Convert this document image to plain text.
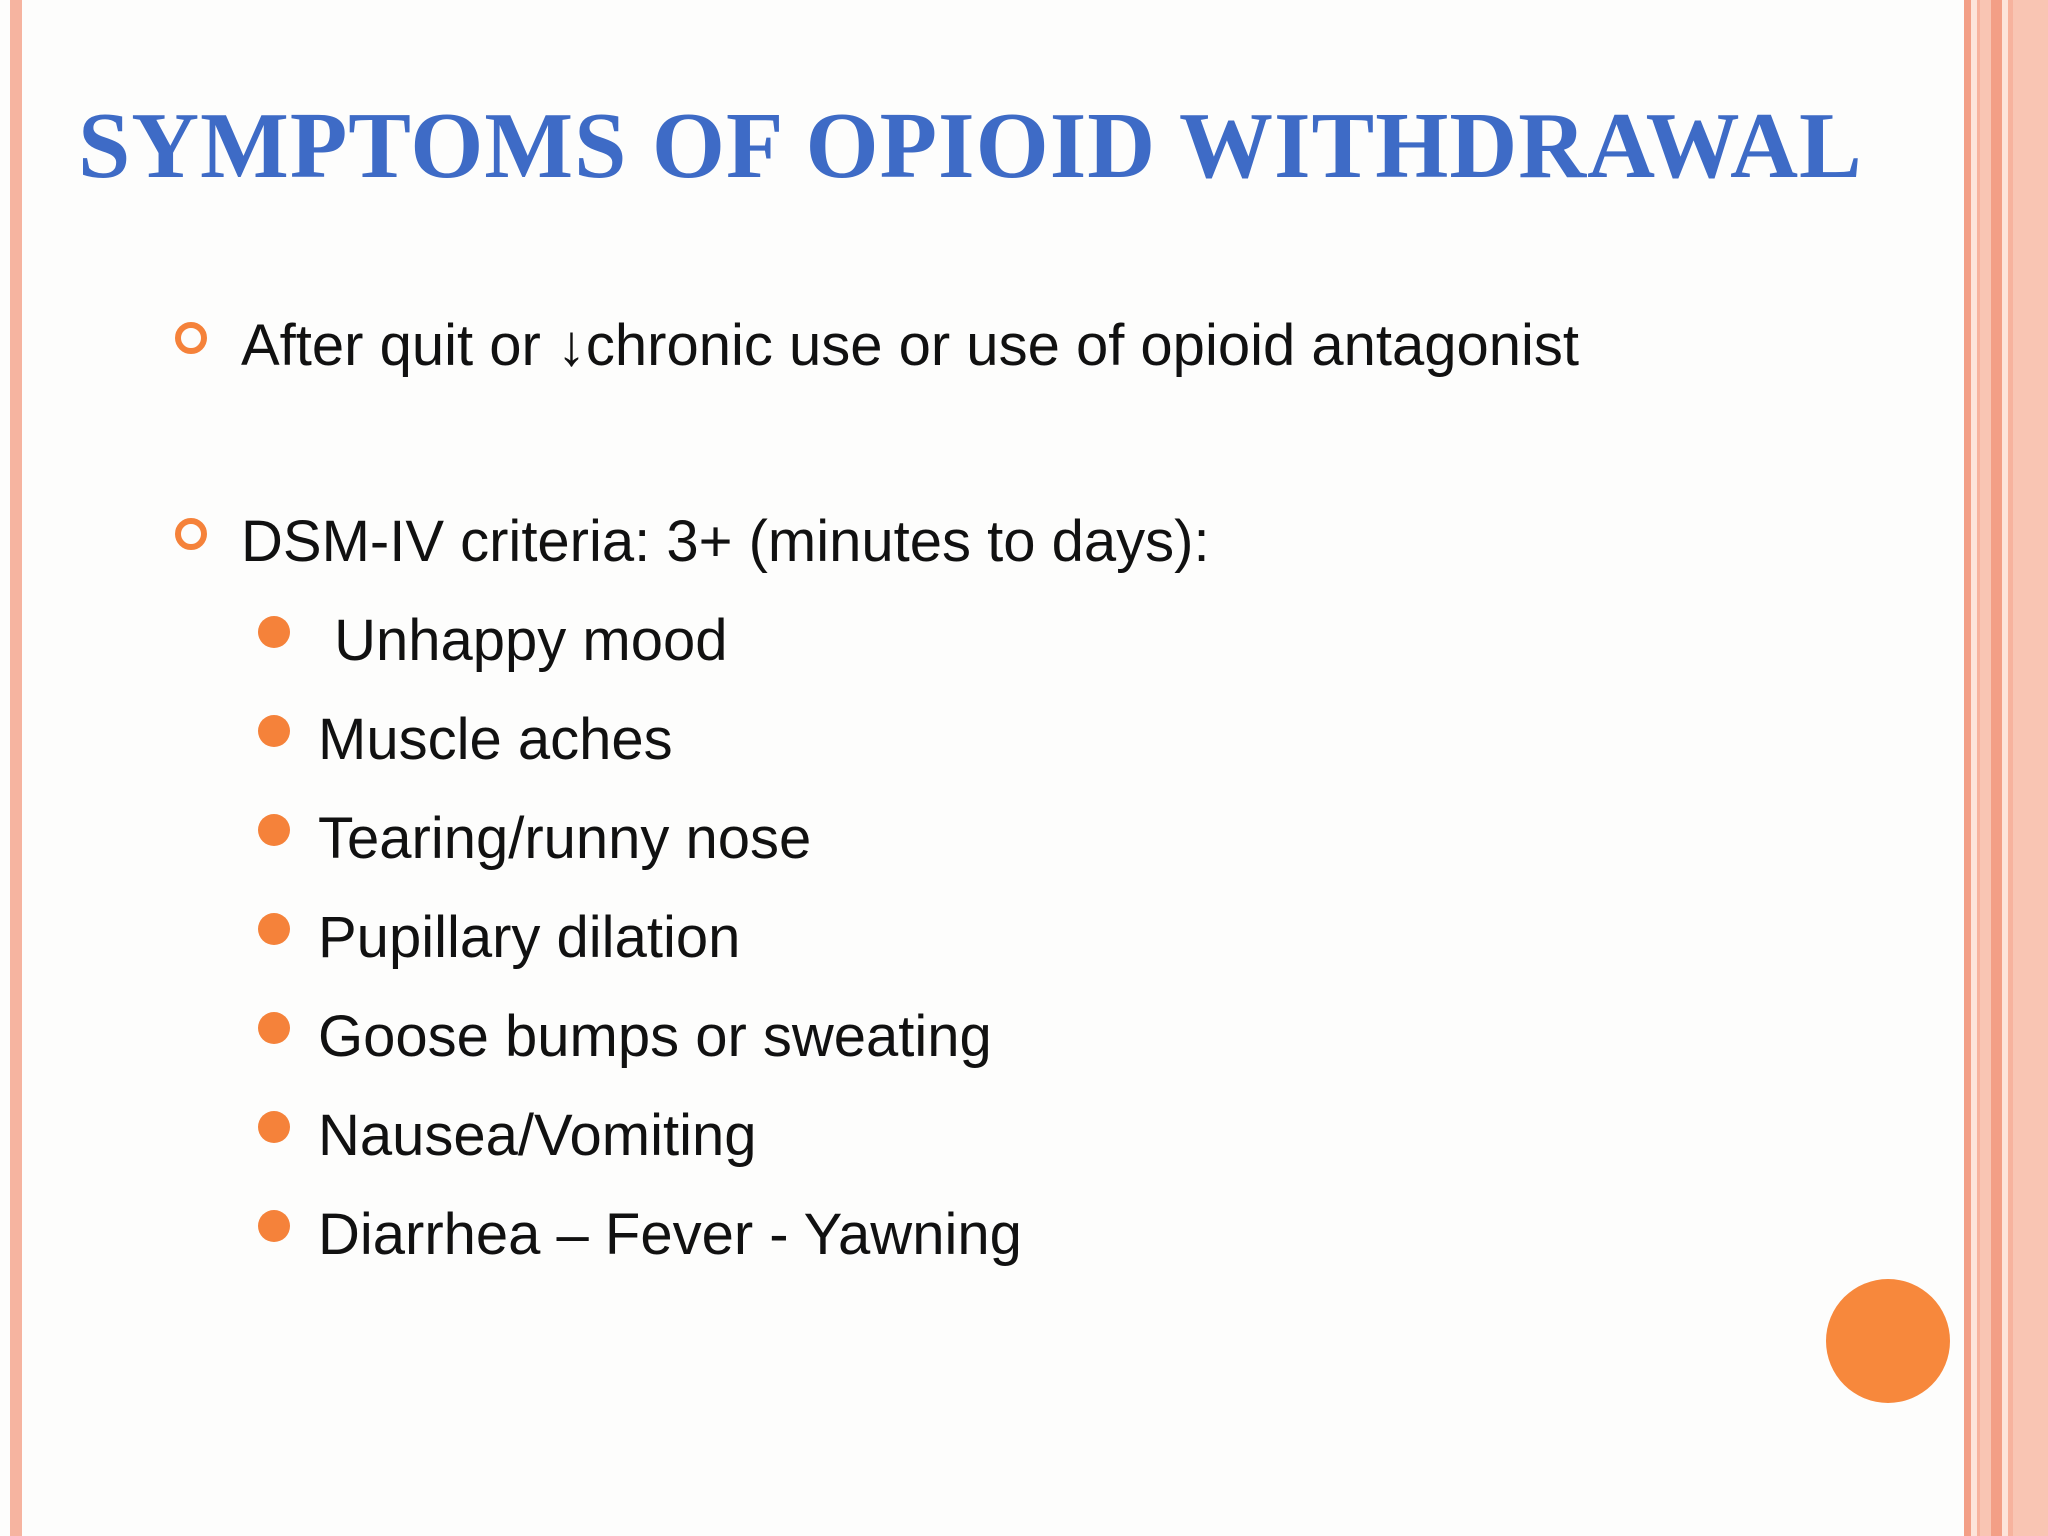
SYMPTOMS OF OPIOID WITHDRAWAL
After quit or ↓chronic use or use of opioid antagonist
DSM-IV criteria: 3+ (minutes to days):
Unhappy mood
Muscle aches
Tearing/runny nose
Pupillary dilation
Goose bumps or sweating
Nausea/Vomiting
Diarrhea – Fever - Yawning
